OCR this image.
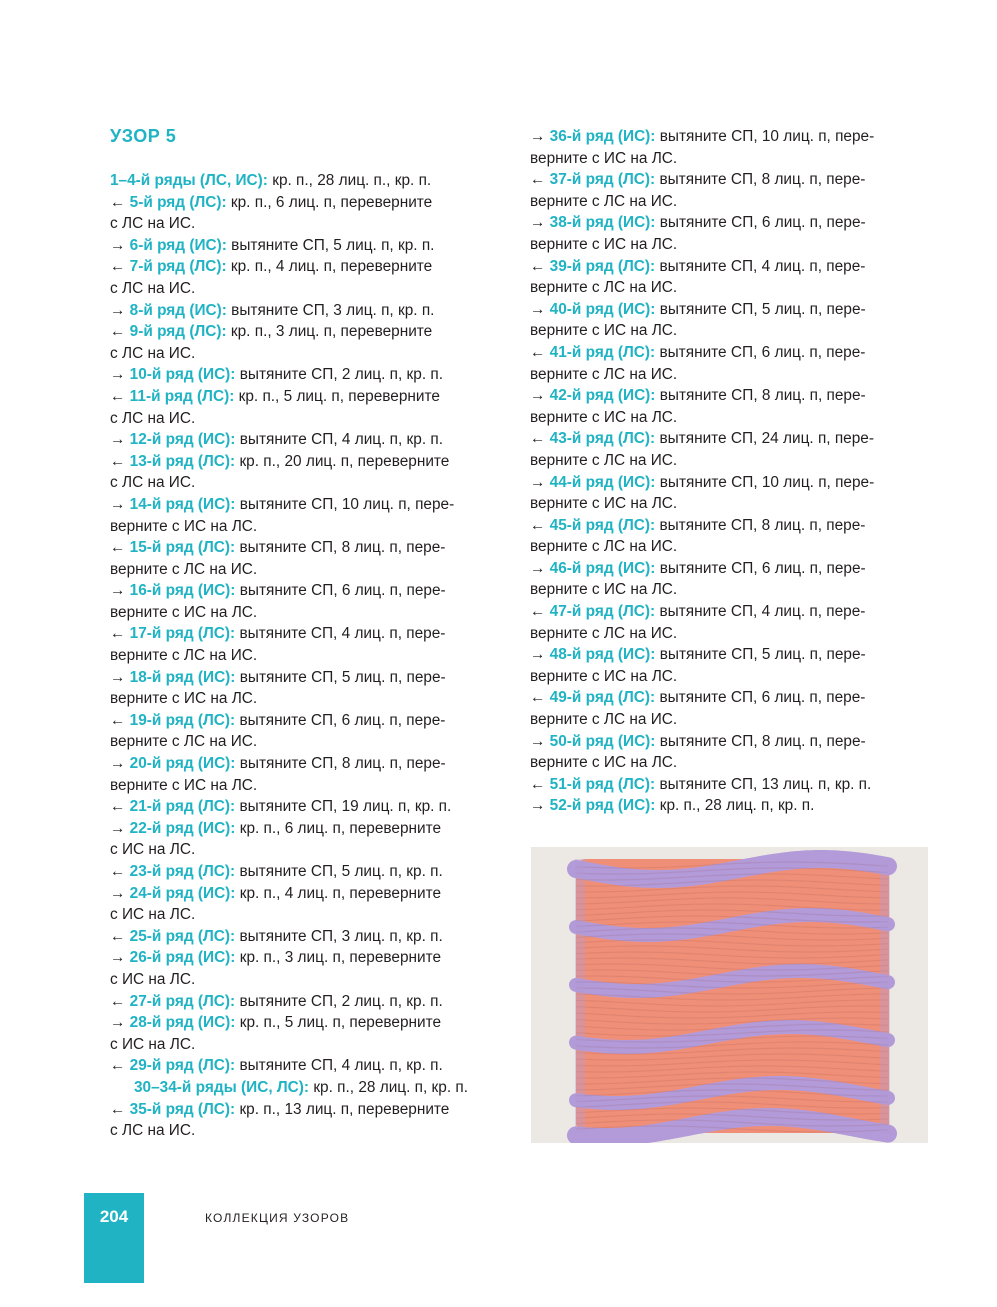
УЗОР 5
1–4-й ряды (ЛС, ИС): кр. п., 28 лиц. п., кр. п.
← 5-й ряд (ЛС): кр. п., 6 лиц. п, переверните
с ЛС на ИС.
→ 6-й ряд (ИС): вытяните СП, 5 лиц. п, кр. п.
← 7-й ряд (ЛС): кр. п., 4 лиц. п, переверните
с ЛС на ИС.
→ 8-й ряд (ИС): вытяните СП, 3 лиц. п, кр. п.
← 9-й ряд (ЛС): кр. п., 3 лиц. п, переверните
с ЛС на ИС.
→ 10-й ряд (ИС): вытяните СП, 2 лиц. п, кр. п.
← 11-й ряд (ЛС): кр. п., 5 лиц. п, переверните
с ЛС на ИС.
→ 12-й ряд (ИС): вытяните СП, 4 лиц. п, кр. п.
← 13-й ряд (ЛС): кр. п., 20 лиц. п, переверните
с ЛС на ИС.
→ 14-й ряд (ИС): вытяните СП, 10 лиц. п, пере-
верните с ИС на ЛС.
← 15-й ряд (ЛС): вытяните СП, 8 лиц. п, пере-
верните с ЛС на ИС.
→ 16-й ряд (ИС): вытяните СП, 6 лиц. п, пере-
верните с ИС на ЛС.
← 17-й ряд (ЛС): вытяните СП, 4 лиц. п, пере-
верните с ЛС на ИС.
→ 18-й ряд (ИС): вытяните СП, 5 лиц. п, пере-
верните с ИС на ЛС.
← 19-й ряд (ЛС): вытяните СП, 6 лиц. п, пере-
верните с ЛС на ИС.
→ 20-й ряд (ИС): вытяните СП, 8 лиц. п, пере-
верните с ИС на ЛС.
← 21-й ряд (ЛС): вытяните СП, 19 лиц. п, кр. п.
→ 22-й ряд (ИС): кр. п., 6 лиц. п, переверните
с ИС на ЛС.
← 23-й ряд (ЛС): вытяните СП, 5 лиц. п, кр. п.
→ 24-й ряд (ИС): кр. п., 4 лиц. п, переверните
с ИС на ЛС.
← 25-й ряд (ЛС): вытяните СП, 3 лиц. п, кр. п.
→ 26-й ряд (ИС): кр. п., 3 лиц. п, переверните
с ИС на ЛС.
← 27-й ряд (ЛС): вытяните СП, 2 лиц. п, кр. п.
→ 28-й ряд (ИС): кр. п., 5 лиц. п, переверните
с ИС на ЛС.
← 29-й ряд (ЛС): вытяните СП, 4 лиц. п, кр. п.
30–34-й ряды (ИС, ЛС): кр. п., 28 лиц. п, кр. п.
← 35-й ряд (ЛС): кр. п., 13 лиц. п, переверните
с ЛС на ИС.
→ 36-й ряд (ИС): вытяните СП, 10 лиц. п, пере-
верните с ИС на ЛС.
← 37-й ряд (ЛС): вытяните СП, 8 лиц. п, пере-
верните с ЛС на ИС.
→ 38-й ряд (ИС): вытяните СП, 6 лиц. п, пере-
верните с ИС на ЛС.
← 39-й ряд (ЛС): вытяните СП, 4 лиц. п, пере-
верните с ЛС на ИС.
→ 40-й ряд (ИС): вытяните СП, 5 лиц. п, пере-
верните с ИС на ЛС.
← 41-й ряд (ЛС): вытяните СП, 6 лиц. п, пере-
верните с ЛС на ИС.
→ 42-й ряд (ИС): вытяните СП, 8 лиц. п, пере-
верните с ИС на ЛС.
← 43-й ряд (ЛС): вытяните СП, 24 лиц. п, пере-
верните с ЛС на ИС.
→ 44-й ряд (ИС): вытяните СП, 10 лиц. п, пере-
верните с ИС на ЛС.
← 45-й ряд (ЛС): вытяните СП, 8 лиц. п, пере-
верните с ЛС на ИС.
→ 46-й ряд (ИС): вытяните СП, 6 лиц. п, пере-
верните с ИС на ЛС.
← 47-й ряд (ЛС): вытяните СП, 4 лиц. п, пере-
верните с ЛС на ИС.
→ 48-й ряд (ИС): вытяните СП, 5 лиц. п, пере-
верните с ИС на ЛС.
← 49-й ряд (ЛС): вытяните СП, 6 лиц. п, пере-
верните с ЛС на ИС.
→ 50-й ряд (ИС): вытяните СП, 8 лиц. п, пере-
верните с ИС на ЛС.
← 51-й ряд (ЛС): вытяните СП, 13 лиц. п, кр. п.
→ 52-й ряд (ИС): кр. п., 28 лиц. п, кр. п.
204	КОЛЛЕКЦИЯ УЗОРОВ
